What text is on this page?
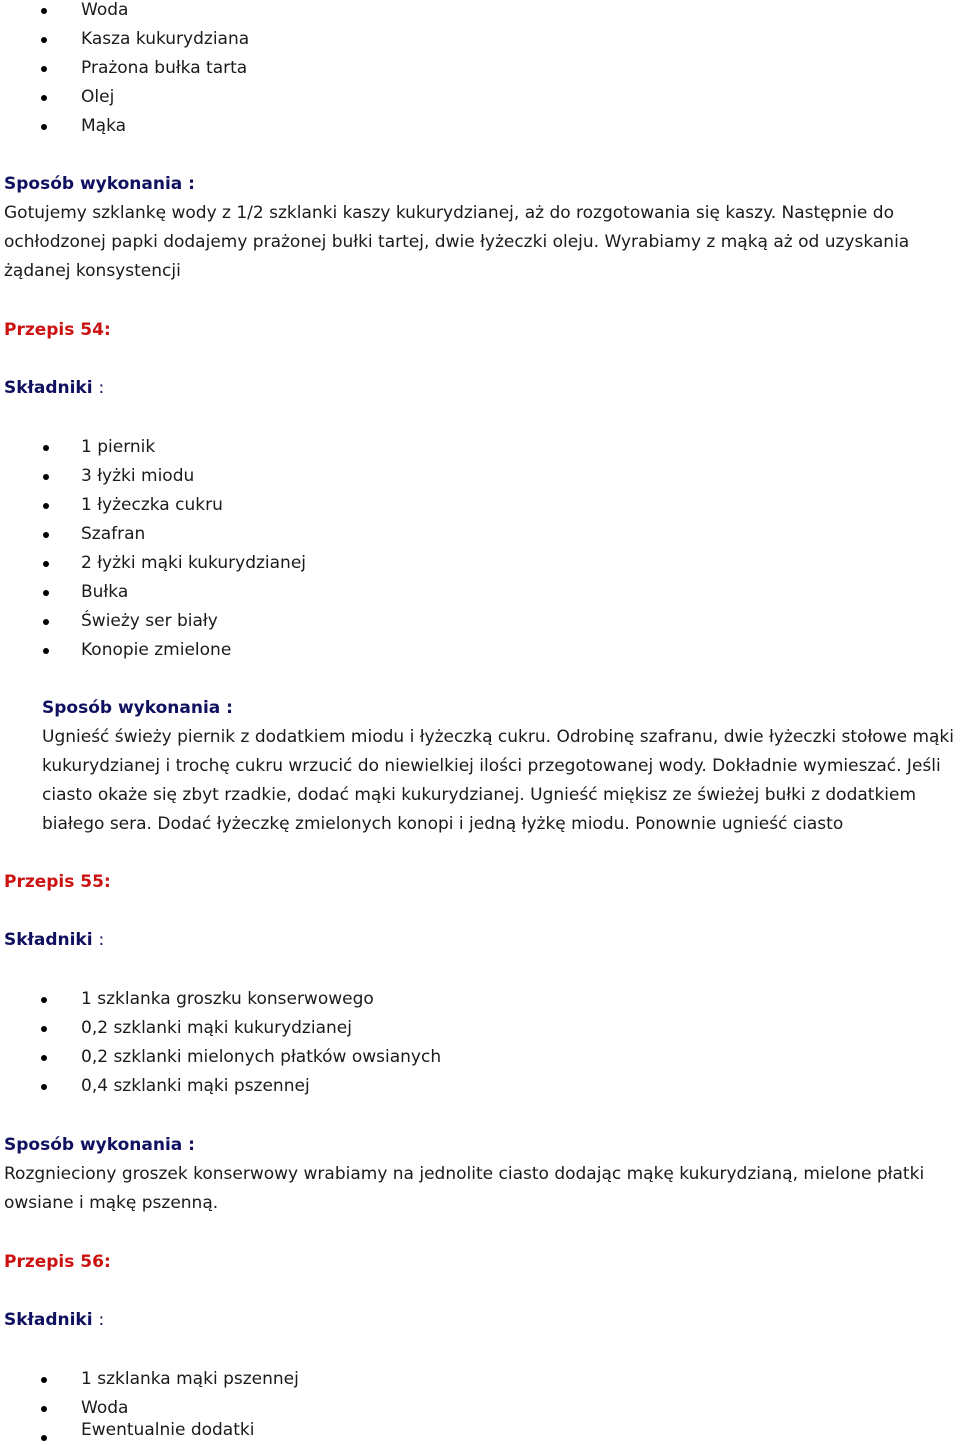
Woda
Kasza kukurydziana
Prażona bułka tarta
Olej
Mąka
Sposób wykonania :
Gotujemy szklankę wody z 1/2 szklanki kaszy kukurydzianej, aż do rozgotowania się kaszy. Następnie do
ochłodzonej papki dodajemy prażonej bułki tartej, dwie łyżeczki oleju. Wyrabiamy z mąką aż od uzyskania
żądanej konsystencji
Przepis 54:
Składniki :
1 piernik
3 łyżki miodu
1 łyżeczka cukru
Szafran
2 łyżki mąki kukurydzianej
Bułka
Świeży ser biały
Konopie zmielone
Sposób wykonania :
Ugnieść świeży piernik z dodatkiem miodu i łyżeczką cukru. Odrobinę szafranu, dwie łyżeczki stołowe mąki
kukurydzianej i trochę cukru wrzucić do niewielkiej ilości przegotowanej wody. Dokładnie wymieszać. Jeśli
ciasto okaże się zbyt rzadkie, dodać mąki kukurydzianej. Ugnieść miękisz ze świeżej bułki z dodatkiem
białego sera. Dodać łyżeczkę zmielonych konopi i jedną łyżkę miodu. Ponownie ugnieść ciasto
Przepis 55:
Składniki :
1 szklanka groszku konserwowego
0,2 szklanki mąki kukurydzianej
0,2 szklanki mielonych płatków owsianych
0,4 szklanki mąki pszennej
Sposób wykonania :
Rozgnieciony groszek konserwowy wrabiamy na jednolite ciasto dodając mąkę kukurydzianą, mielone płatki
owsiane i mąkę pszenną.
Przepis 56:
Składniki :
1 szklanka mąki pszennej
Woda
Ewentualnie dodatki
